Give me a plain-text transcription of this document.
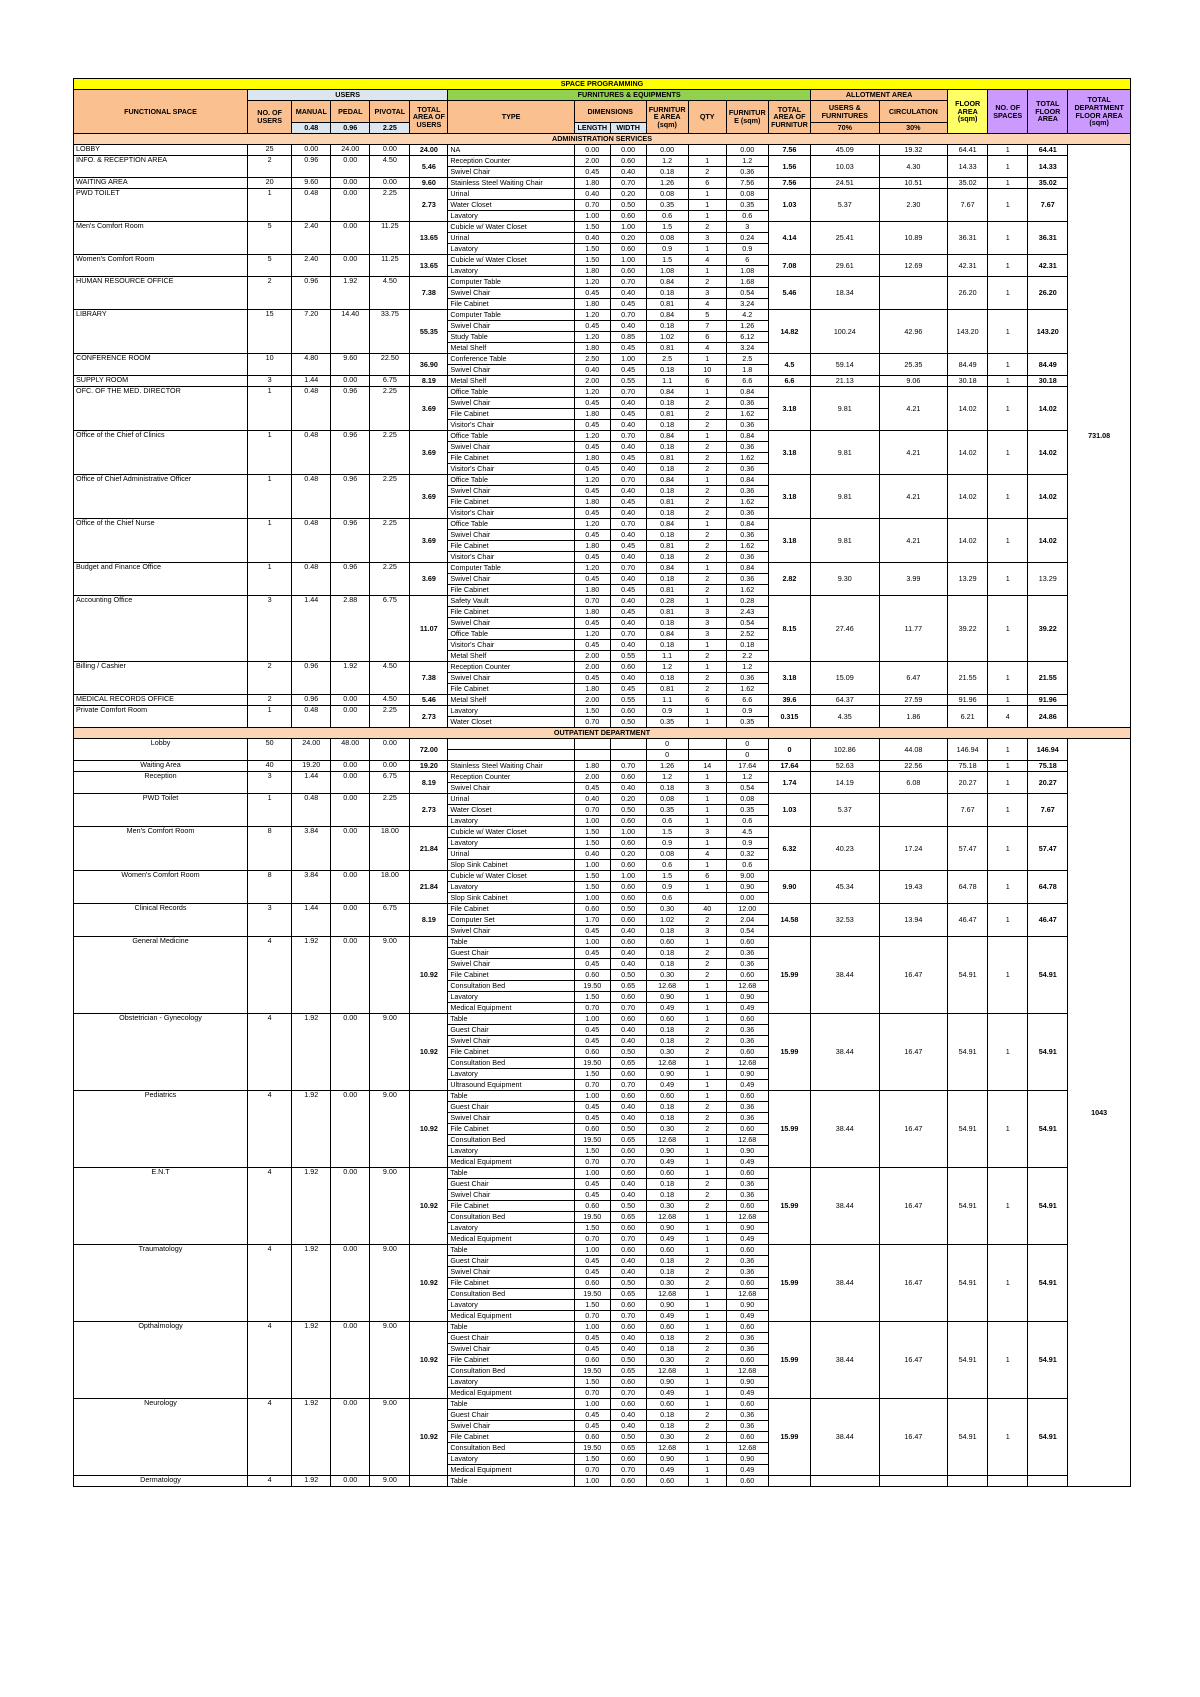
SPACE PROGRAMMING																		
FUNCTIONAL SPACE	USERS					FURNITURES & EQUIPMENTS							ALLOTMENT AREA		FLOOR AREA (sqm)	NO. OF SPACES	TOTAL FLOOR AREA	TOTAL DEPARTMENT FLOOR AREA (sqm)
	NO. OF USERS	MANUAL	PEDAL	PIVOTAL	TOTAL AREA OF USERS	TYPE	DIMENSIONS		FURNITUR E AREA (sqm)	QTY	FURNITUR E (sqm)	TOTAL AREA OF FURNITUR	USERS & FURNITURES	CIRCULATION				
		0.48	0.96	2.25			LENGTH	WIDTH					70%	30%				
ADMINISTRATION SERVICES																		
LOBBY	25	0.00	24.00	0.00	24.00	NA	0.00	0.00	0.00		0.00	7.56	45.09	19.32	64.41	1	64.41	731.08
INFO. & RECEPTION AREA	2	0.96	0.00	4.50	5.46	Reception Counter	2.00	0.60	1.2	1	1.2	1.56	10.03	4.30	14.33	1	14.33	
						Swivel Chair	0.45	0.40	0.18	2	0.36							
WAITING AREA	20	9.60	0.00	0.00	9.60	Stainless Steel Waiting Chair	1.80	0.70	1.26	6	7.56	7.56	24.51	10.51	35.02	1	35.02	
PWD TOILET	1	0.48	0.00	2.25	2.73	Urinal	0.40	0.20	0.08	1	0.08	1.03	5.37	2.30	7.67	1	7.67	
						Water Closet	0.70	0.50	0.35	1	0.35							
						Lavatory	1.00	0.60	0.6	1	0.6							
Men's Comfort Room	5	2.40	0.00	11.25	13.65	Cubicle w/ Water Closet	1.50	1.00	1.5	2	3	4.14	25.41	10.89	36.31	1	36.31	
						Urinal	0.40	0.20	0.08	3	0.24							
						Lavatory	1.50	0.60	0.9	1	0.9							
Women's Comfort Room	5	2.40	0.00	11.25	13.65	Cubicle w/ Water Closet	1.50	1.00	1.5	4	6	7.08	29.61	12.69	42.31	1	42.31	
						Lavatory	1.80	0.60	1.08	1	1.08							
HUMAN RESOURCE OFFICE	2	0.96	1.92	4.50	7.38	Computer Table	1.20	0.70	0.84	2	1.68	5.46	18.34		26.20	1	26.20	
						Swivel Chair	0.45	0.40	0.18	3	0.54							
						File Cabinet	1.80	0.45	0.81	4	3.24							
LIBRARY	15	7.20	14.40	33.75	55.35	Computer Table	1.20	0.70	0.84	5	4.2	14.82	100.24	42.96	143.20	1	143.20	
						Swivel Chair	0.45	0.40	0.18	7	1.26							
						Study Table	1.20	0.85	1.02	6	6.12							
						Metal Shelf	1.80	0.45	0.81	4	3.24							
CONFERENCE ROOM	10	4.80	9.60	22.50	36.90	Conference Table	2.50	1.00	2.5	1	2.5	4.5	59.14	25.35	84.49	1	84.49	
						Swivel Chair	0.40	0.45	0.18	10	1.8							
SUPPLY ROOM	3	1.44	0.00	6.75	8.19	Metal Shelf	2.00	0.55	1.1	6	6.6	6.6	21.13	9.06	30.18	1	30.18	
OFC. OF THE MED. DIRECTOR	1	0.48	0.96	2.25	3.69	Office Table	1.20	0.70	0.84	1	0.84	3.18	9.81	4.21	14.02	1	14.02	
						Swivel Chair	0.45	0.40	0.18	2	0.36							
						File Cabinet	1.80	0.45	0.81	2	1.62							
						Visitor's Chair	0.45	0.40	0.18	2	0.36							
Office of the Chief of Clinics	1	0.48	0.96	2.25	3.69	Office Table	1.20	0.70	0.84	1	0.84	3.18	9.81	4.21	14.02	1	14.02	
						Swivel Chair	0.45	0.40	0.18	2	0.36							
						File Cabinet	1.80	0.45	0.81	2	1.62							
						Visitor's Chair	0.45	0.40	0.18	2	0.36							
Office of Chief Administrative Officer	1	0.48	0.96	2.25	3.69	Office Table	1.20	0.70	0.84	1	0.84	3.18	9.81	4.21	14.02	1	14.02	
						Swivel Chair	0.45	0.40	0.18	2	0.36							
						File Cabinet	1.80	0.45	0.81	2	1.62							
						Visitor's Chair	0.45	0.40	0.18	2	0.36							
Office of the Chief Nurse	1	0.48	0.96	2.25	3.69	Office Table	1.20	0.70	0.84	1	0.84	3.18	9.81	4.21	14.02	1	14.02	
						Swivel Chair	0.45	0.40	0.18	2	0.36							
						File Cabinet	1.80	0.45	0.81	2	1.62							
						Visitor's Chair	0.45	0.40	0.18	2	0.36							
Budget and Finance Office	1	0.48	0.96	2.25	3.69	Computer Table	1.20	0.70	0.84	1	0.84	2.82	9.30	3.99	13.29	1	13.29	
						Swivel Chair	0.45	0.40	0.18	2	0.36							
						File Cabinet	1.80	0.45	0.81	2	1.62							
Accounting Office	3	1.44	2.88	6.75	11.07	Safety Vault	0.70	0.40	0.28	1	0.28	8.15	27.46	11.77	39.22	1	39.22	
						File Cabinet	1.80	0.45	0.81	3	2.43							
						Swivel Chair	0.45	0.40	0.18	3	0.54							
						Office Table	1.20	0.70	0.84	3	2.52							
						Visitor's Chair	0.45	0.40	0.18	1	0.18							
						Metal Shelf	2.00	0.55	1.1	2	2.2							
Billing / Cashier	2	0.96	1.92	4.50	7.38	Reception Counter	2.00	0.60	1.2	1	1.2	3.18	15.09	6.47	21.55	1	21.55	
						Swivel Chair	0.45	0.40	0.18	2	0.36							
						File Cabinet	1.80	0.45	0.81	2	1.62							
MEDICAL RECORDS OFFICE	2	0.96	0.00	4.50	5.46	Metal Shelf	2.00	0.55	1.1	6	6.6	39.6	64.37	27.59	91.96	1	91.96	
Private Comfort Room	1	0.48	0.00	2.25	2.73	Lavatory	1.50	0.60	0.9	1	0.9	0.315	4.35	1.86	6.21	4	24.86	
						Water Closet	0.70	0.50	0.35	1	0.35							
OUTPATIENT DEPARTMENT																		
Lobby	50	24.00	48.00	0.00	72.00				0		0	0	102.86	44.08	146.94	1	146.94	1043
									0		0							
Waiting Area	40	19.20	0.00	0.00	19.20	Stainless Steel Waiting Chair	1.80	0.70	1.26	14	17.64	17.64	52.63	22.56	75.18	1	75.18	
Reception	3	1.44	0.00	6.75	8.19	Reception Counter	2.00	0.60	1.2	1	1.2	1.74	14.19	6.08	20.27	1	20.27	
						Swivel Chair	0.45	0.40	0.18	3	0.54							
PWD Toilet	1	0.48	0.00	2.25	2.73	Urinal	0.40	0.20	0.08	1	0.08	1.03	5.37		7.67	1	7.67	
						Water Closet	0.70	0.50	0.35	1	0.35							
						Lavatory	1.00	0.60	0.6	1	0.6							
Men's Comfort Room	8	3.84	0.00	18.00	21.84	Cubicle w/ Water Closet	1.50	1.00	1.5	3	4.5	6.32	40.23	17.24	57.47	1	57.47	
						Lavatory	1.50	0.60	0.9	1	0.9							
						Urinal	0.40	0.20	0.08	4	0.32							
						Slop Sink Cabinet	1.00	0.60	0.6	1	0.6							
Women's Comfort Room	8	3.84	0.00	18.00	21.84	Cubicle w/ Water Closet	1.50	1.00	1.5	6	9.00	9.90	45.34	19.43	64.78	1	64.78	
						Lavatory	1.50	0.60	0.9	1	0.90							
						Slop Sink Cabinet	1.00	0.60	0.6		0.00							
Clinical Records	3	1.44	0.00	6.75	8.19	File Cabinet	0.60	0.50	0.30	40	12.00	14.58	32.53	13.94	46.47	1	46.47	
						Computer Set	1.70	0.60	1.02	2	2.04							
						Swivel Chair	0.45	0.40	0.18	3	0.54							
General Medicine	4	1.92	0.00	9.00	10.92	Table	1.00	0.60	0.60	1	0.60	15.99	38.44	16.47	54.91	1	54.91	
						Guest Chair	0.45	0.40	0.18	2	0.36							
						Swivel Chair	0.45	0.40	0.18	2	0.36							
						File Cabinet	0.60	0.50	0.30	2	0.60							
						Consultation Bed	19.50	0.65	12.68	1	12.68							
						Lavatory	1.50	0.60	0.90	1	0.90							
						Medical Equipment	0.70	0.70	0.49	1	0.49							
Obstetrician - Gynecology	4	1.92	0.00	9.00	10.92	Table	1.00	0.60	0.60	1	0.60	15.99	38.44	16.47	54.91	1	54.91	
						Guest Chair	0.45	0.40	0.18	2	0.36							
						Swivel Chair	0.45	0.40	0.18	2	0.36							
						File Cabinet	0.60	0.50	0.30	2	0.60							
						Consultation Bed	19.50	0.65	12.68	1	12.68							
						Lavatory	1.50	0.60	0.90	1	0.90							
						Ultrasound Equipment	0.70	0.70	0.49	1	0.49							
Pediatrics	4	1.92	0.00	9.00	10.92	Table	1.00	0.60	0.60	1	0.60	15.99	38.44	16.47	54.91	1	54.91	
						Guest Chair	0.45	0.40	0.18	2	0.36							
						Swivel Chair	0.45	0.40	0.18	2	0.36							
						File Cabinet	0.60	0.50	0.30	2	0.60							
						Consultation Bed	19.50	0.65	12.68	1	12.68							
						Lavatory	1.50	0.60	0.90	1	0.90							
						Medical Equipment	0.70	0.70	0.49	1	0.49							
E.N.T	4	1.92	0.00	9.00	10.92	Table	1.00	0.60	0.60	1	0.60	15.99	38.44	16.47	54.91	1	54.91	
						Guest Chair	0.45	0.40	0.18	2	0.36							
						Swivel Chair	0.45	0.40	0.18	2	0.36							
						File Cabinet	0.60	0.50	0.30	2	0.60							
						Consultation Bed	19.50	0.65	12.68	1	12.68							
						Lavatory	1.50	0.60	0.90	1	0.90							
						Medical Equipment	0.70	0.70	0.49	1	0.49							
Traumatology	4	1.92	0.00	9.00	10.92	Table	1.00	0.60	0.60	1	0.60	15.99	38.44	16.47	54.91	1	54.91	
						Guest Chair	0.45	0.40	0.18	2	0.36							
						Swivel Chair	0.45	0.40	0.18	2	0.36							
						File Cabinet	0.60	0.50	0.30	2	0.60							
						Consultation Bed	19.50	0.65	12.68	1	12.68							
						Lavatory	1.50	0.60	0.90	1	0.90							
						Medical Equipment	0.70	0.70	0.49	1	0.49							
Opthalmology	4	1.92	0.00	9.00	10.92	Table	1.00	0.60	0.60	1	0.60	15.99	38.44	16.47	54.91	1	54.91	
						Guest Chair	0.45	0.40	0.18	2	0.36							
						Swivel Chair	0.45	0.40	0.18	2	0.36							
						File Cabinet	0.60	0.50	0.30	2	0.60							
						Consultation Bed	19.50	0.65	12.68	1	12.68							
						Lavatory	1.50	0.60	0.90	1	0.90							
						Medical Equipment	0.70	0.70	0.49	1	0.49							
Neurology	4	1.92	0.00	9.00	10.92	Table	1.00	0.60	0.60	1	0.60	15.99	38.44	16.47	54.91	1	54.91	
						Guest Chair	0.45	0.40	0.18	2	0.36							
						Swivel Chair	0.45	0.40	0.18	2	0.36							
						File Cabinet	0.60	0.50	0.30	2	0.60							
						Consultation Bed	19.50	0.65	12.68	1	12.68							
						Lavatory	1.50	0.60	0.90	1	0.90							
						Medical Equipment	0.70	0.70	0.49	1	0.49							
Dermatology	4	1.92	0.00	9.00		Table	1.00	0.60	0.60	1	0.60							
